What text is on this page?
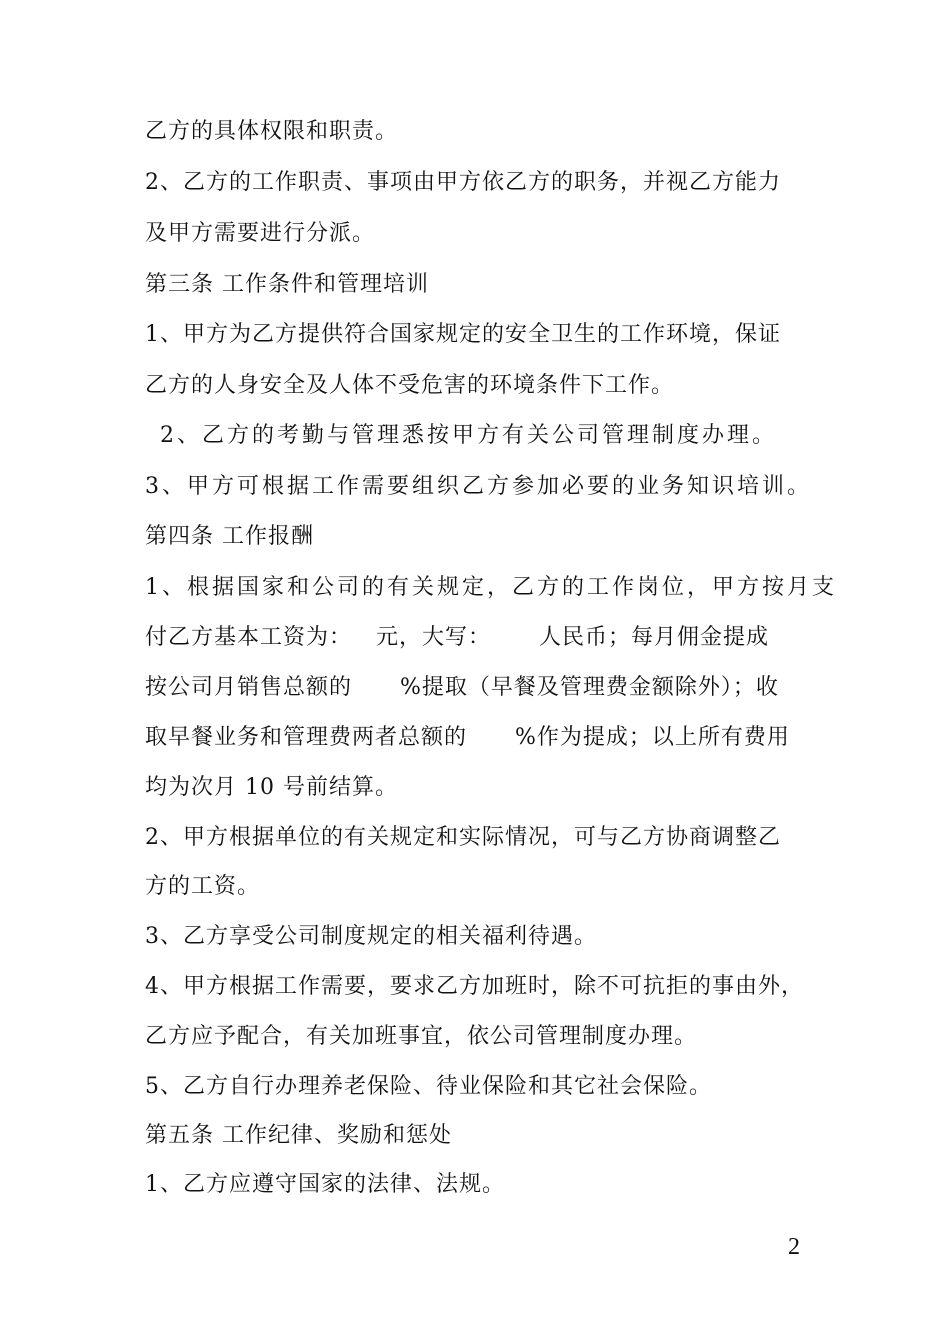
乙方的具体权限和职责。
2、乙方的工作职责、事项由甲方依乙方的职务，并视乙方能力
及甲方需要进行分派。
第三条 工作条件和管理培训
1、甲方为乙方提供符合国家规定的安全卫生的工作环境，保证
乙方的人身安全及人体不受危害的环境条件下工作。
2、乙方的考勤与管理悉按甲方有关公司管理制度办理。
3、甲方可根据工作需要组织乙方参加必要的业务知识培训。
第四条 工作报酬
1、根据国家和公司的有关规定，乙方的工作岗位，甲方按月支
付乙方基本工资为：   元，大写：      人民币；每月佣金提成
按公司月销售总额的      %提取（早餐及管理费金额除外）；收
取早餐业务和管理费两者总额的      %作为提成；以上所有费用
均为次月 10 号前结算。
2、甲方根据单位的有关规定和实际情况，可与乙方协商调整乙
方的工资。
3、乙方享受公司制度规定的相关福利待遇。
4、甲方根据工作需要，要求乙方加班时，除不可抗拒的事由外，
乙方应予配合，有关加班事宜，依公司管理制度办理。
5、乙方自行办理养老保险、待业保险和其它社会保险。
第五条 工作纪律、奖励和惩处
1、乙方应遵守国家的法律、法规。
2
